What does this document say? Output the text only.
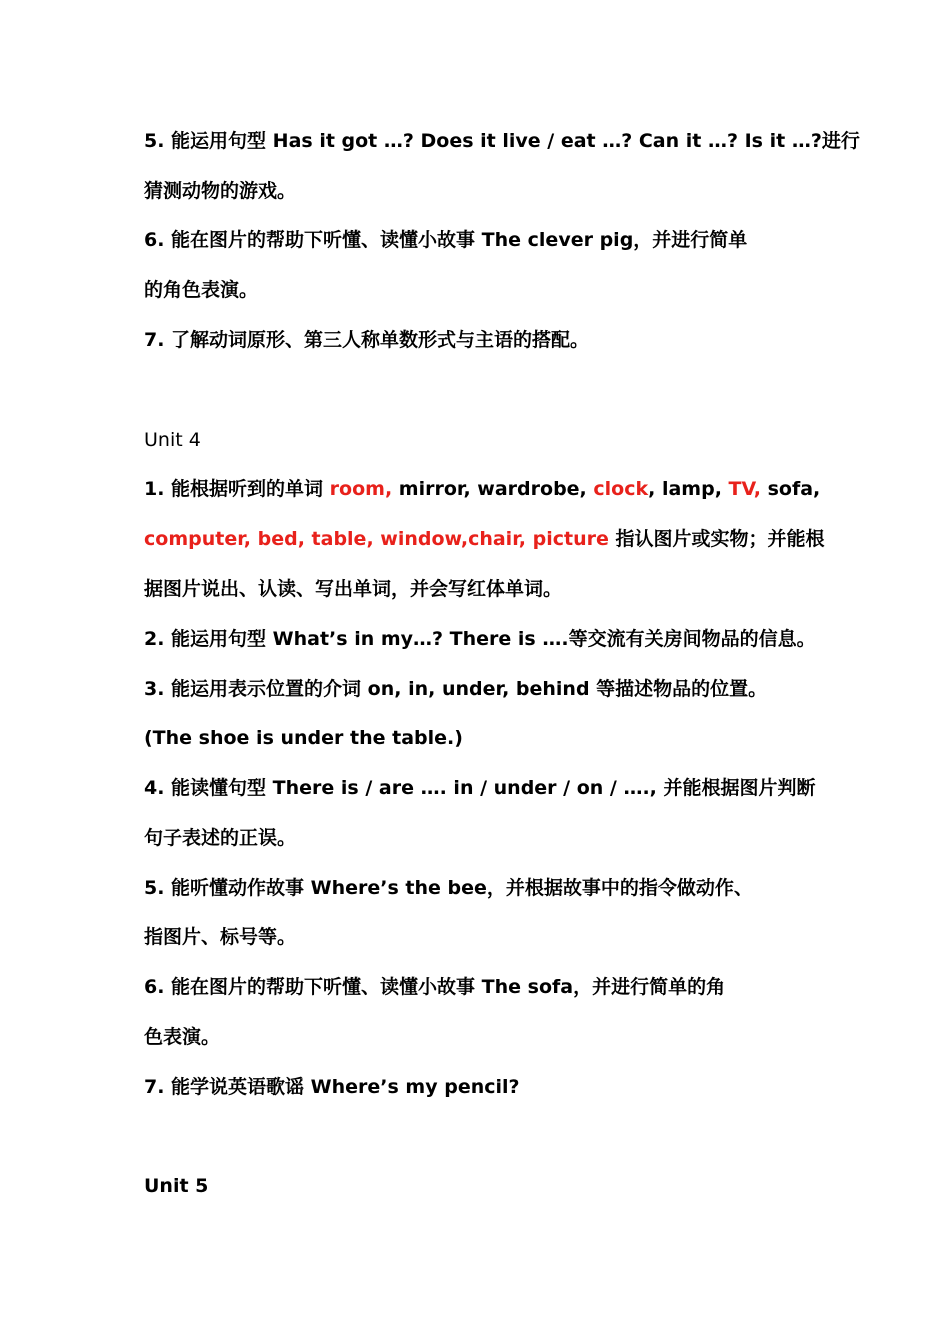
5. 能运用句型 Has it got …? Does it live / eat …? Can it …? Is it …?进行
猜测动物的游戏。
6. 能在图片的帮助下听懂、读懂小故事 The clever pig，并进行简单
的角色表演。
7. 了解动词原形、第三人称单数形式与主语的搭配。
Unit 4
1. 能根据听到的单词 room, mirror, wardrobe, clock, lamp, TV, sofa,
computer, bed, table, window,chair, picture 指认图片或实物；并能根
据图片说出、认读、写出单词，并会写红体单词。
2. 能运用句型 What’s in my…? There is ….等交流有关房间物品的信息。
3. 能运用表示位置的介词 on, in, under, behind 等描述物品的位置。
(The shoe is under the table.)
4. 能读懂句型 There is / are …. in / under / on / …., 并能根据图片判断
句子表述的正误。
5. 能听懂动作故事 Where’s the bee，并根据故事中的指令做动作、
指图片、标号等。
6. 能在图片的帮助下听懂、读懂小故事 The sofa，并进行简单的角
色表演。
7. 能学说英语歌谣 Where’s my pencil?
Unit 5
